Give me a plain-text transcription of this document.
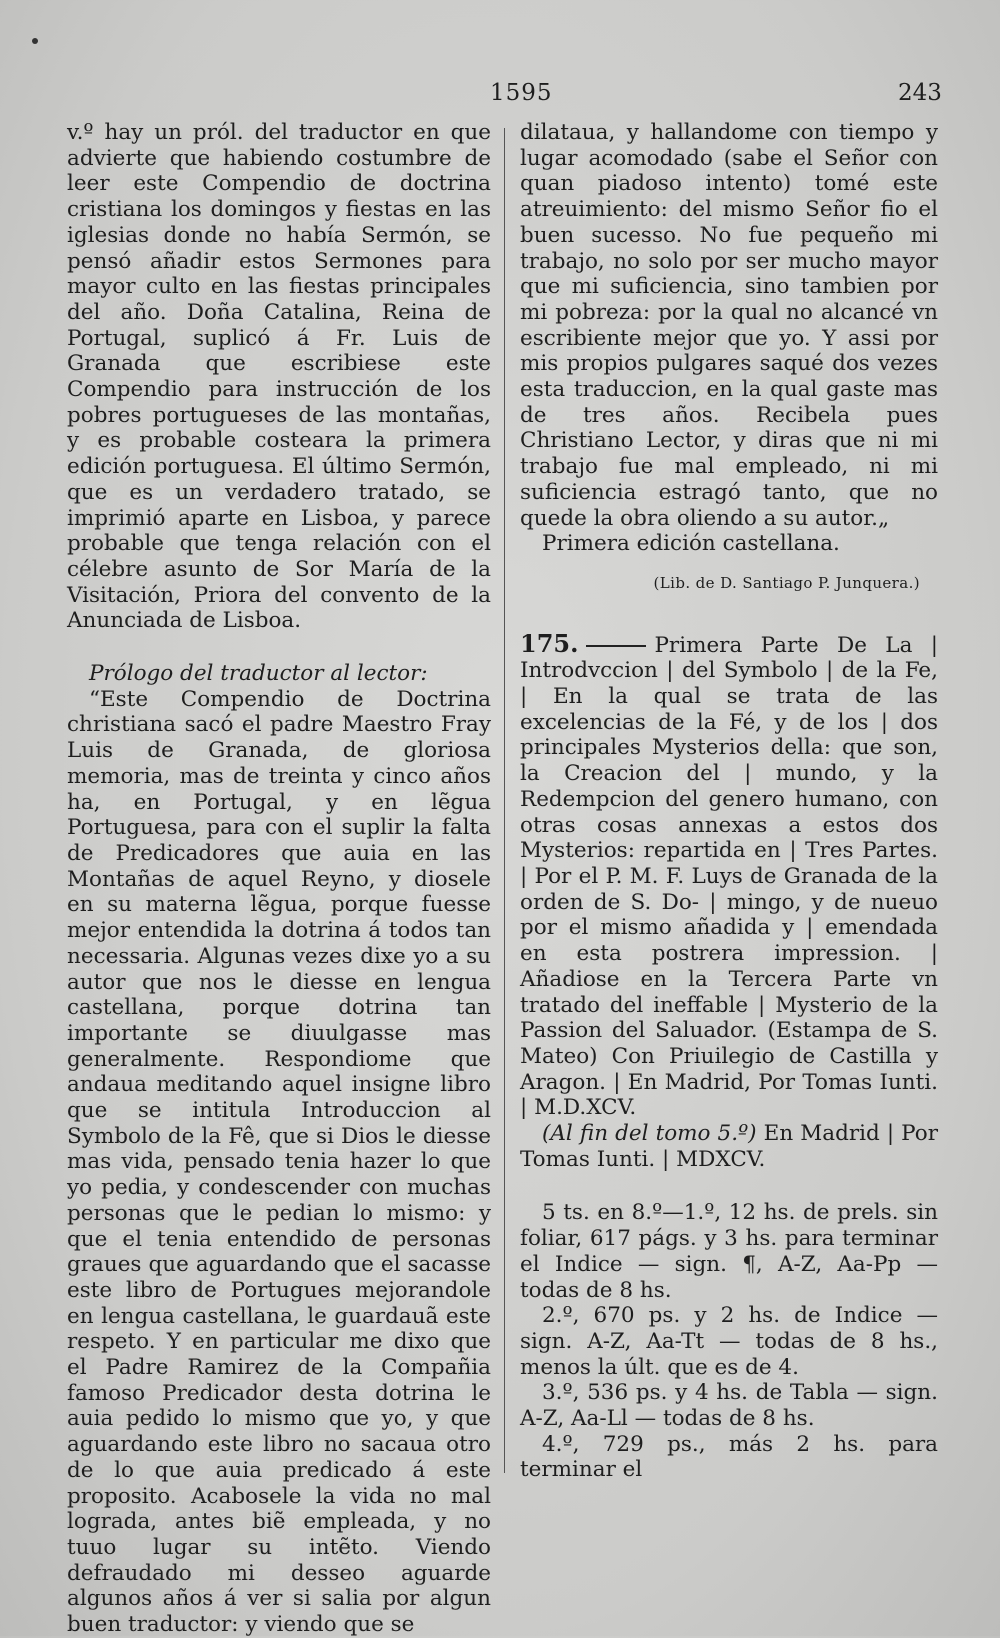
1595	243

v.º hay un pról. del traductor en que advierte que habiendo costumbre de leer este Compendio de doctrina cristiana los domingos y fiestas en las iglesias donde no había Sermón, se pensó añadir estos Sermones para mayor culto en las fiestas principales del año. Doña Catalina, Reina de Portugal, suplicó á Fr. Luis de Granada que escribiese este Compendio para instrucción de los pobres portugueses de las montañas, y es probable costeara la primera edición portuguesa. El último Sermón, que es un verdadero tratado, se imprimió aparte en Lisboa, y parece probable que tenga relación con el célebre asunto de Sor María de la Visitación, Priora del convento de la Anunciada de Lisboa.

Prólogo del traductor al lector:

“Este Compendio de Doctrina christiana sacó el padre Maestro Fray Luis de Granada, de gloriosa memoria, mas de treinta y cinco años ha, en Portugal, y en lẽgua Portuguesa, para con el suplir la falta de Predicadores que auia en las Montañas de aquel Reyno, y diosele en su materna lẽgua, porque fuesse mejor entendida la dotrina á todos tan necessaria. Algunas vezes dixe yo a su autor que nos le diesse en lengua castellana, porque dotrina tan importante se diuulgasse mas generalmente. Respondiome que andaua meditando aquel insigne libro que se intitula Introduccion al Symbolo de la Fê, que si Dios le diesse mas vida, pensado tenia hazer lo que yo pedia, y condescender con muchas personas que le pedian lo mismo: y que el tenia entendido de personas graues que aguardando que el sacasse este libro de Portugues mejorandole en lengua castellana, le guardauã este respeto. Y en particular me dixo que el Padre Ramirez de la Compañia famoso Predicador desta dotrina le auia pedido lo mismo que yo, y que aguardando este libro no sacaua otro de lo que auia predicado á este proposito. Acabosele la vida no mal lograda, antes biẽ empleada, y no tuuo lugar su intẽto. Viendo defraudado mi desseo aguarde algunos años á ver si salia por algun buen traductor: y viendo que se

dilataua, y hallandome con tiempo y lugar acomodado (sabe el Señor con quan piadoso intento) tomé este atreuimiento: del mismo Señor fio el buen sucesso. No fue pequeño mi trabajo, no solo por ser mucho mayor que mi suficiencia, sino tambien por mi pobreza: por la qual no alcancé vn escribiente mejor que yo. Y assi por mis propios pulgares saqué dos vezes esta traduccion, en la qual gaste mas de tres años. Recibela pues Christiano Lector, y diras que ni mi trabajo fue mal empleado, ni mi suficiencia estragó tanto, que no quede la obra oliendo a su autor.„

Primera edición castellana.

(Lib. de D. Santiago P. Junquera.)

175.	Primera Parte De La | Introdvccion | del Symbolo | de la Fe, | En la qual se trata de las excelencias de la Fé, y de los | dos principales Mysterios della: que son, la Creacion del | mundo, y la Redempcion del genero humano, con otras cosas annexas a estos dos Mysterios: repartida en | Tres Partes. | Por el P. M. F. Luys de Granada de la orden de S. Do- | mingo, y de nueuo por el mismo añadida y | emendada en esta postrera impression. | Añadiose en la Tercera Parte vn tratado del ineffable | Mysterio de la Passion del Saluador. (Estampa de S. Mateo) Con Priuilegio de Castilla y Aragon. | En Madrid, Por Tomas Iunti. | M.D.XCV.

(Al fin del tomo 5.º) En Madrid | Por Tomas Iunti. | MDXCV.

5 ts. en 8.º—1.º, 12 hs. de prels. sin foliar, 617 págs. y 3 hs. para terminar el Indice — sign. ¶, A-Z, Aa-Pp — todas de 8 hs.

2.º, 670 ps. y 2 hs. de Indice — sign. A-Z, Aa-Tt — todas de 8 hs., menos la últ. que es de 4.

3.º, 536 ps. y 4 hs. de Tabla — sign. A-Z, Aa-Ll — todas de 8 hs.

4.º, 729 ps., más 2 hs. para terminar el
